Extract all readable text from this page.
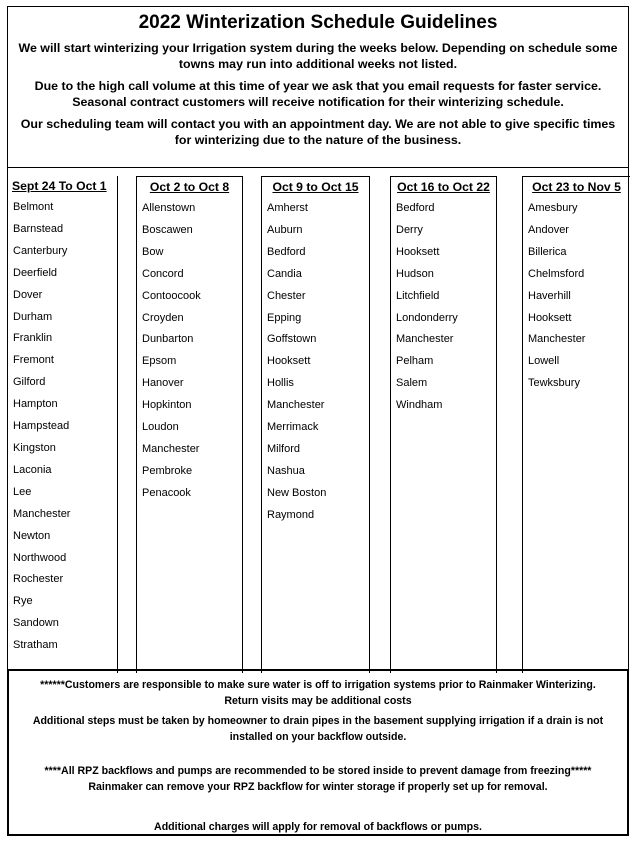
2022 Winterization Schedule Guidelines
We will start winterizing your Irrigation system during the weeks below. Depending on schedule some towns may run into additional weeks not listed.
Due to the high call volume at this time of year we ask that you email requests for faster service. Seasonal contract customers will receive notification for their winterizing schedule.
Our scheduling team will contact you with an appointment day. We are not able to give specific times for winterizing due to the nature of the business.
Sept 24 To Oct 1
Belmont
Barnstead
Canterbury
Deerfield
Dover
Durham
Franklin
Fremont
Gilford
Hampton
Hampstead
Kingston
Laconia
Lee
Manchester
Newton
Northwood
Rochester
Rye
Sandown
Stratham
Oct 2 to Oct 8
Allenstown
Boscawen
Bow
Concord
Contoocook
Croyden
Dunbarton
Epsom
Hanover
Hopkinton
Loudon
Manchester
Pembroke
Penacook
Oct 9 to Oct 15
Amherst
Auburn
Bedford
Candia
Chester
Epping
Goffstown
Hooksett
Hollis
Manchester
Merrimack
Milford
Nashua
New Boston
Raymond
Oct 16 to Oct 22
Bedford
Derry
Hooksett
Hudson
Litchfield
Londonderry
Manchester
Pelham
Salem
Windham
Oct 23 to Nov 5
Amesbury
Andover
Billerica
Chelmsford
Haverhill
Hooksett
Manchester
Lowell
Tewksbury
******Customers are responsible to make sure water is off to irrigation systems prior to Rainmaker Winterizing.
Return visits may be additional costs
Additional steps must be taken by homeowner to drain pipes in the basement supplying irrigation if a drain is not installed on your backflow outside.
****All RPZ backflows and pumps are recommended to be stored inside to prevent damage from freezing*****
Rainmaker can remove your RPZ backflow for winter storage if properly set up for removal.
Additional charges will apply for removal of backflows or pumps.
